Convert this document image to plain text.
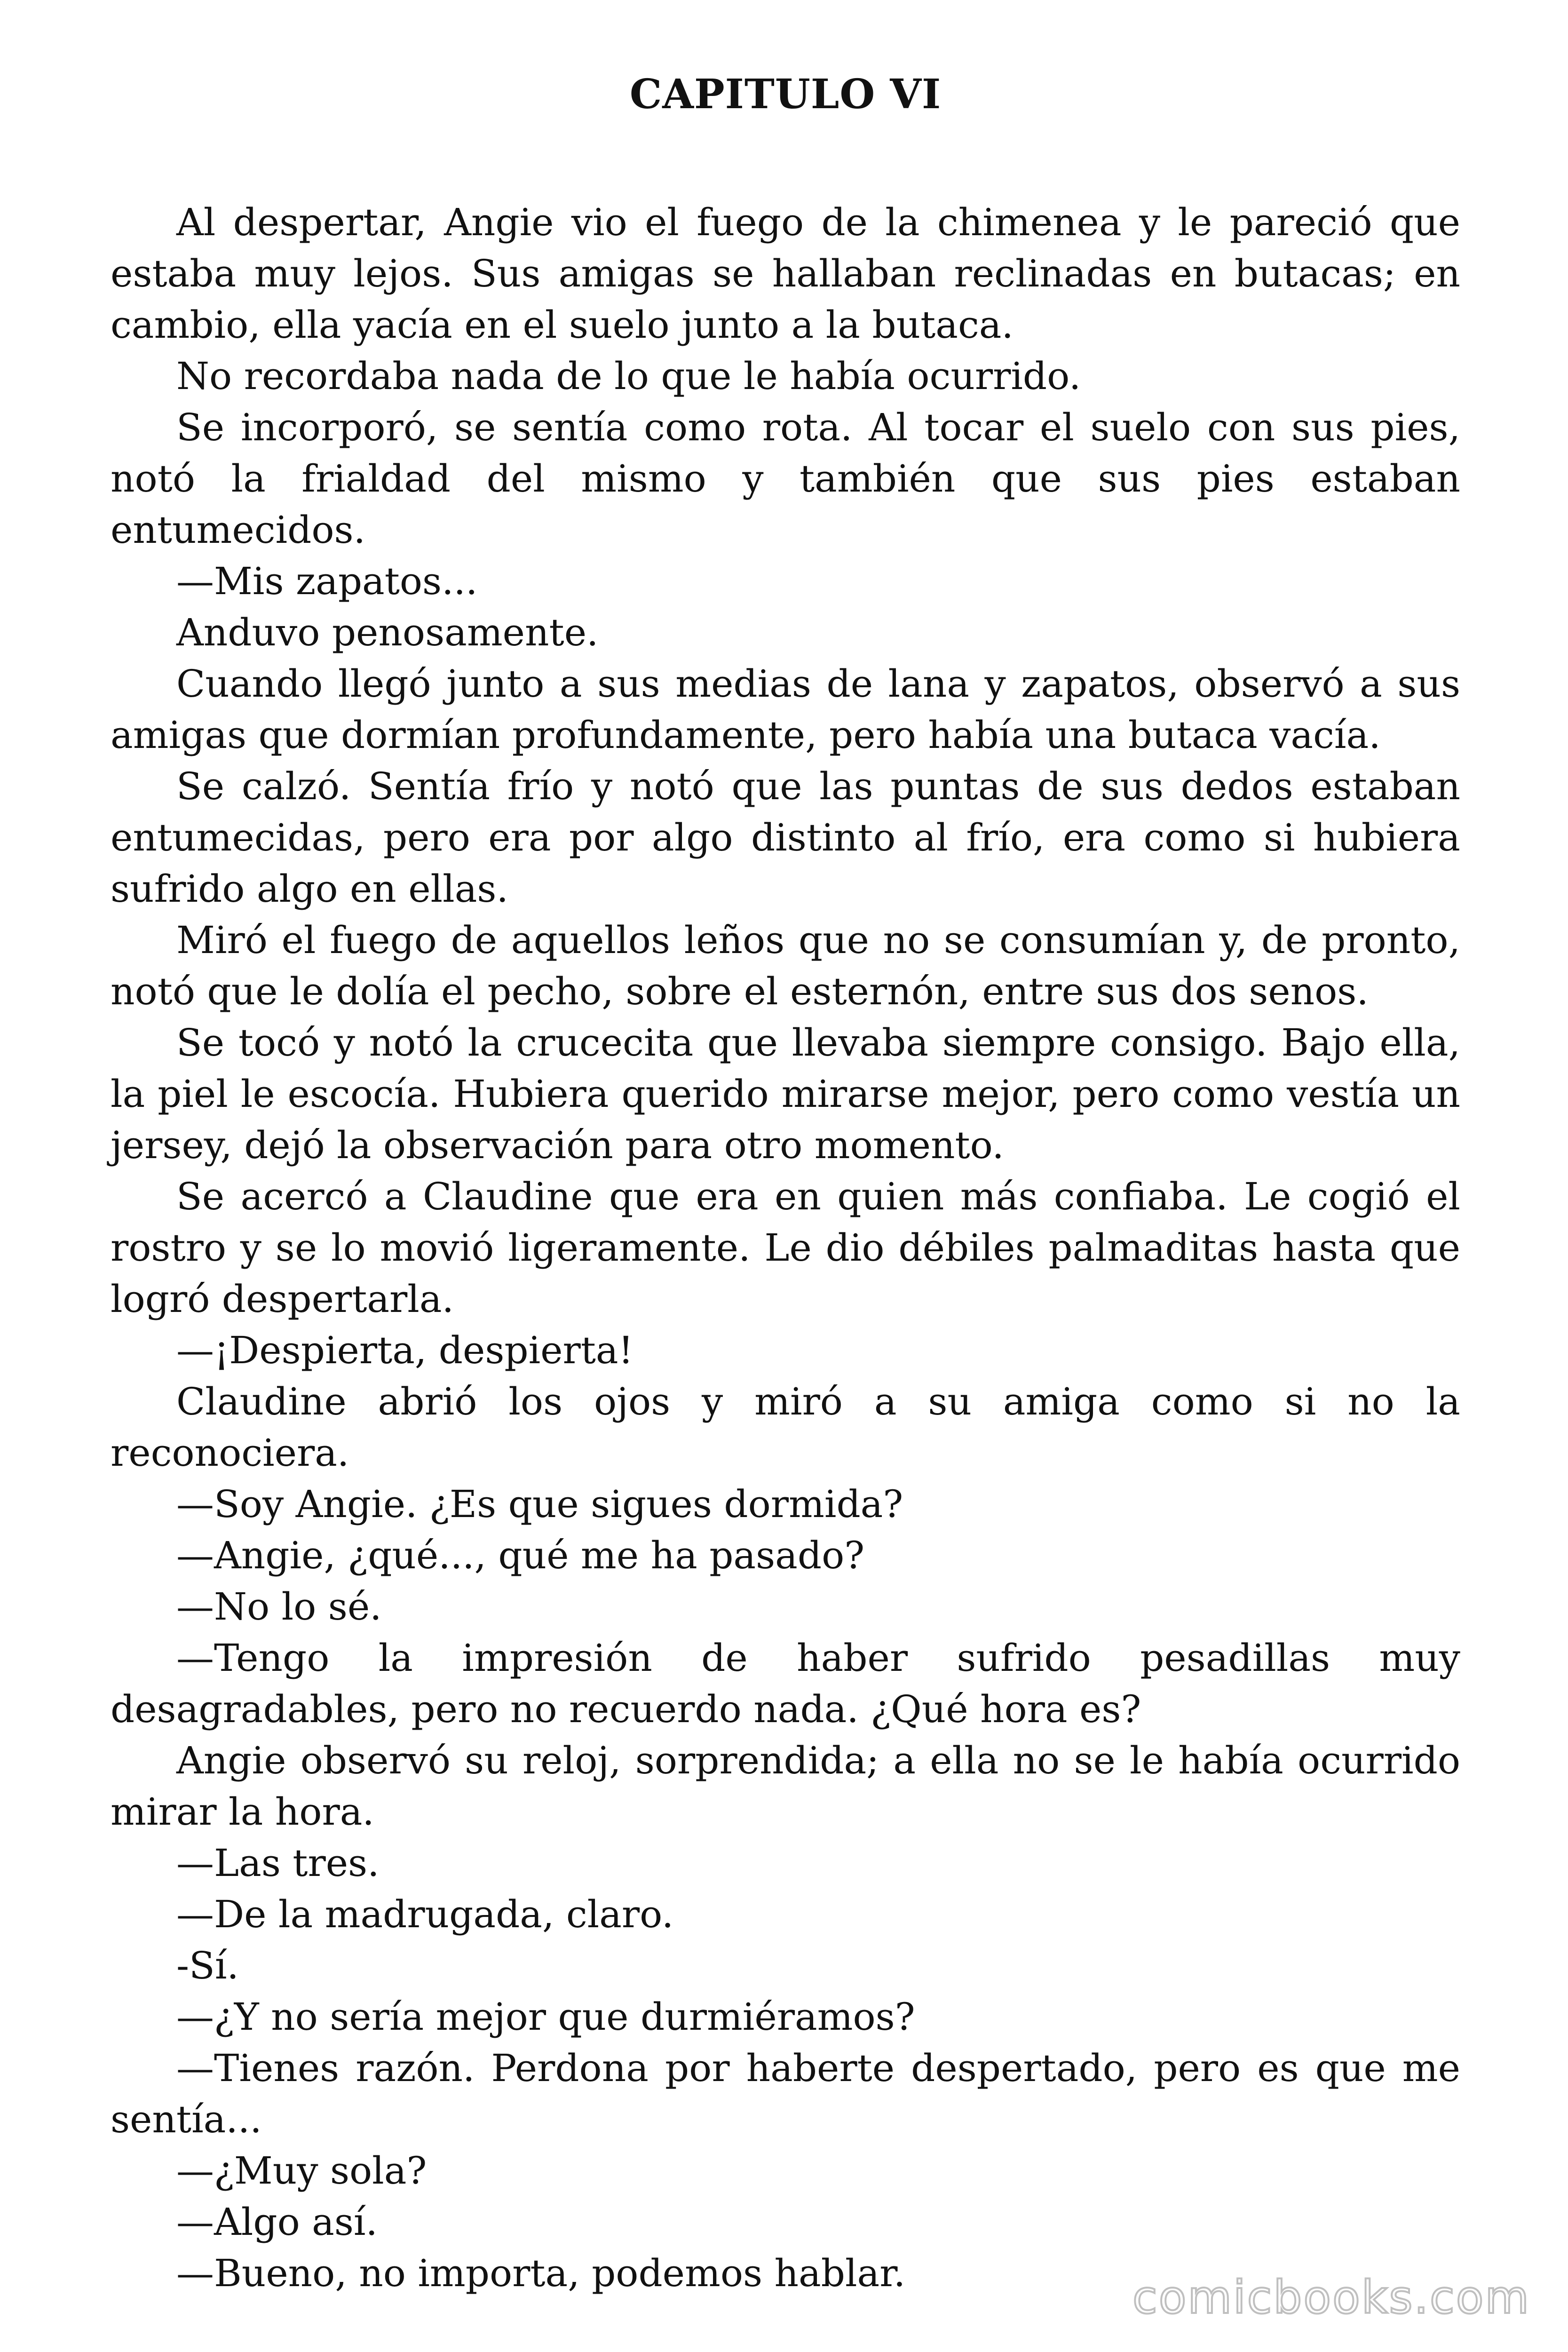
CAPITULO VI

Al despertar, Angie vio el fuego de la chimenea y le pareció que estaba muy lejos. Sus amigas se hallaban reclinadas en butacas; en cambio, ella yacía en el suelo junto a la butaca.

No recordaba nada de lo que le había ocurrido.

Se incorporó, se sentía como rota. Al tocar el suelo con sus pies, notó la frialdad del mismo y también que sus pies estaban entumecidos.

—Mis zapatos...

Anduvo penosamente.

Cuando llegó junto a sus medias de lana y zapatos, observó a sus amigas que dormían profundamente, pero había una butaca vacía.

Se calzó. Sentía frío y notó que las puntas de sus dedos estaban entumecidas, pero era por algo distinto al frío, era como si hubiera sufrido algo en ellas.

Miró el fuego de aquellos leños que no se consumían y, de pronto, notó que le dolía el pecho, sobre el esternón, entre sus dos senos.

Se tocó y notó la crucecita que llevaba siempre consigo. Bajo ella, la piel le escocía. Hubiera querido mirarse mejor, pero como vestía un jersey, dejó la observación para otro momento.

Se acercó a Claudine que era en quien más confiaba. Le cogió el rostro y se lo movió ligeramente. Le dio débiles palmaditas hasta que logró despertarla.

—¡Despierta, despierta!

Claudine abrió los ojos y miró a su amiga como si no la reconociera.

—Soy Angie. ¿Es que sigues dormida?

—Angie, ¿qué..., qué me ha pasado?

—No lo sé.

—Tengo la impresión de haber sufrido pesadillas muy desagradables, pero no recuerdo nada. ¿Qué hora es?

Angie observó su reloj, sorprendida; a ella no se le había ocurrido mirar la hora.

—Las tres.

—De la madrugada, claro.

-Sí.

—¿Y no sería mejor que durmiéramos?

—Tienes razón. Perdona por haberte despertado, pero es que me sentía...

—¿Muy sola?

—Algo así.

—Bueno, no importa, podemos hablar.	comicbooks.com
